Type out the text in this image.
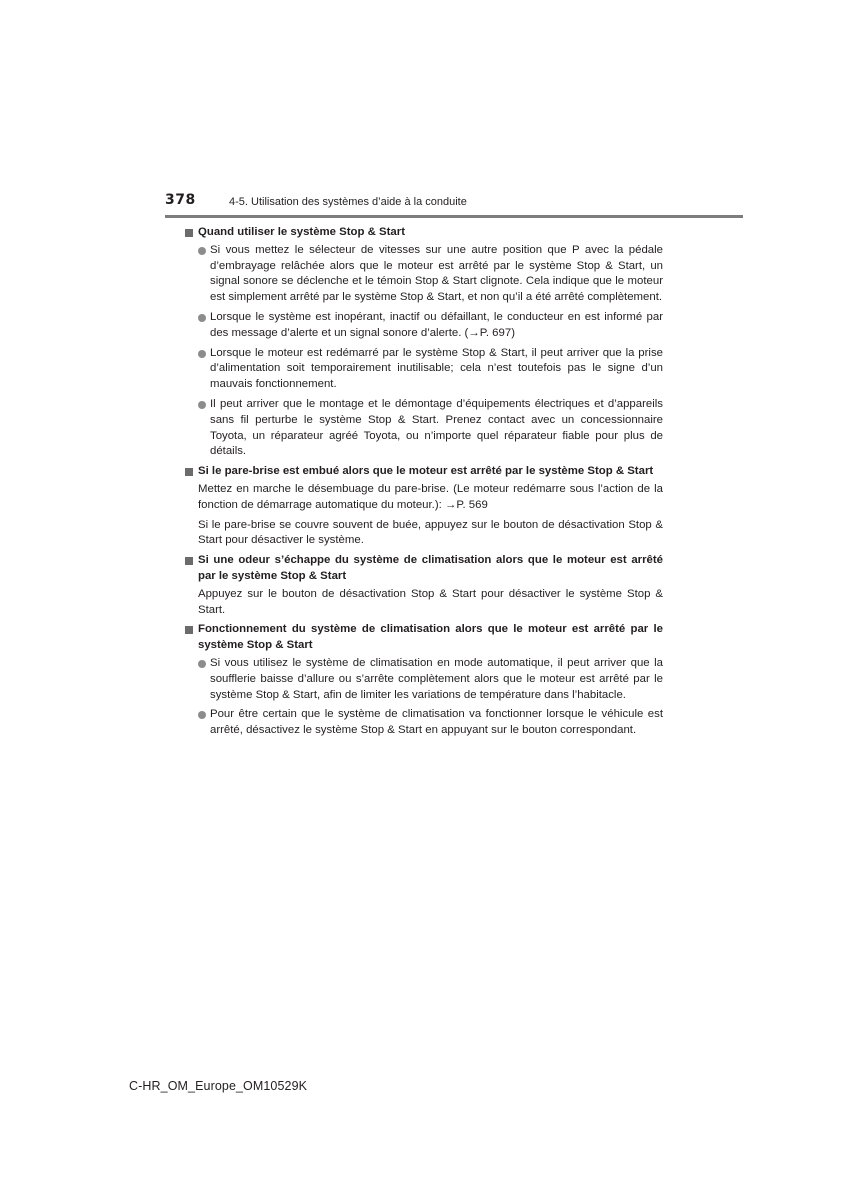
378	4-5. Utilisation des systèmes d’aide à la conduite
Quand utiliser le système Stop & Start
Si vous mettez le sélecteur de vitesses sur une autre position que P avec la pédale d’embrayage relâchée alors que le moteur est arrêté par le système Stop & Start, un signal sonore se déclenche et le témoin Stop & Start clignote. Cela indique que le moteur est simplement arrêté par le système Stop & Start, et non qu’il a été arrêté complètement.
Lorsque le système est inopérant, inactif ou défaillant, le conducteur en est informé par des message d’alerte et un signal sonore d’alerte. (→P. 697)
Lorsque le moteur est redémarré par le système Stop & Start, il peut arriver que la prise d’alimentation soit temporairement inutilisable; cela n’est toutefois pas le signe d’un mauvais fonctionnement.
Il peut arriver que le montage et le démontage d’équipements électriques et d’appareils sans fil perturbe le système Stop & Start. Prenez contact avec un concessionnaire Toyota, un réparateur agréé Toyota, ou n’importe quel réparateur fiable pour plus de détails.
Si le pare-brise est embué alors que le moteur est arrêté par le système Stop & Start
Mettez en marche le désembuage du pare-brise. (Le moteur redémarre sous l’action de la fonction de démarrage automatique du moteur.): →P. 569
Si le pare-brise se couvre souvent de buée, appuyez sur le bouton de désactivation Stop & Start pour désactiver le système.
Si une odeur s’échappe du système de climatisation alors que le moteur est arrêté par le système Stop & Start
Appuyez sur le bouton de désactivation Stop & Start pour désactiver le système Stop & Start.
Fonctionnement du système de climatisation alors que le moteur est arrêté par le système Stop & Start
Si vous utilisez le système de climatisation en mode automatique, il peut arriver que la soufflerie baisse d’allure ou s’arrête complètement alors que le moteur est arrêté par le système Stop & Start, afin de limiter les variations de température dans l’habitacle.
Pour être certain que le système de climatisation va fonctionner lorsque le véhicule est arrêté, désactivez le système Stop & Start en appuyant sur le bouton correspondant.
C-HR_OM_Europe_OM10529K
